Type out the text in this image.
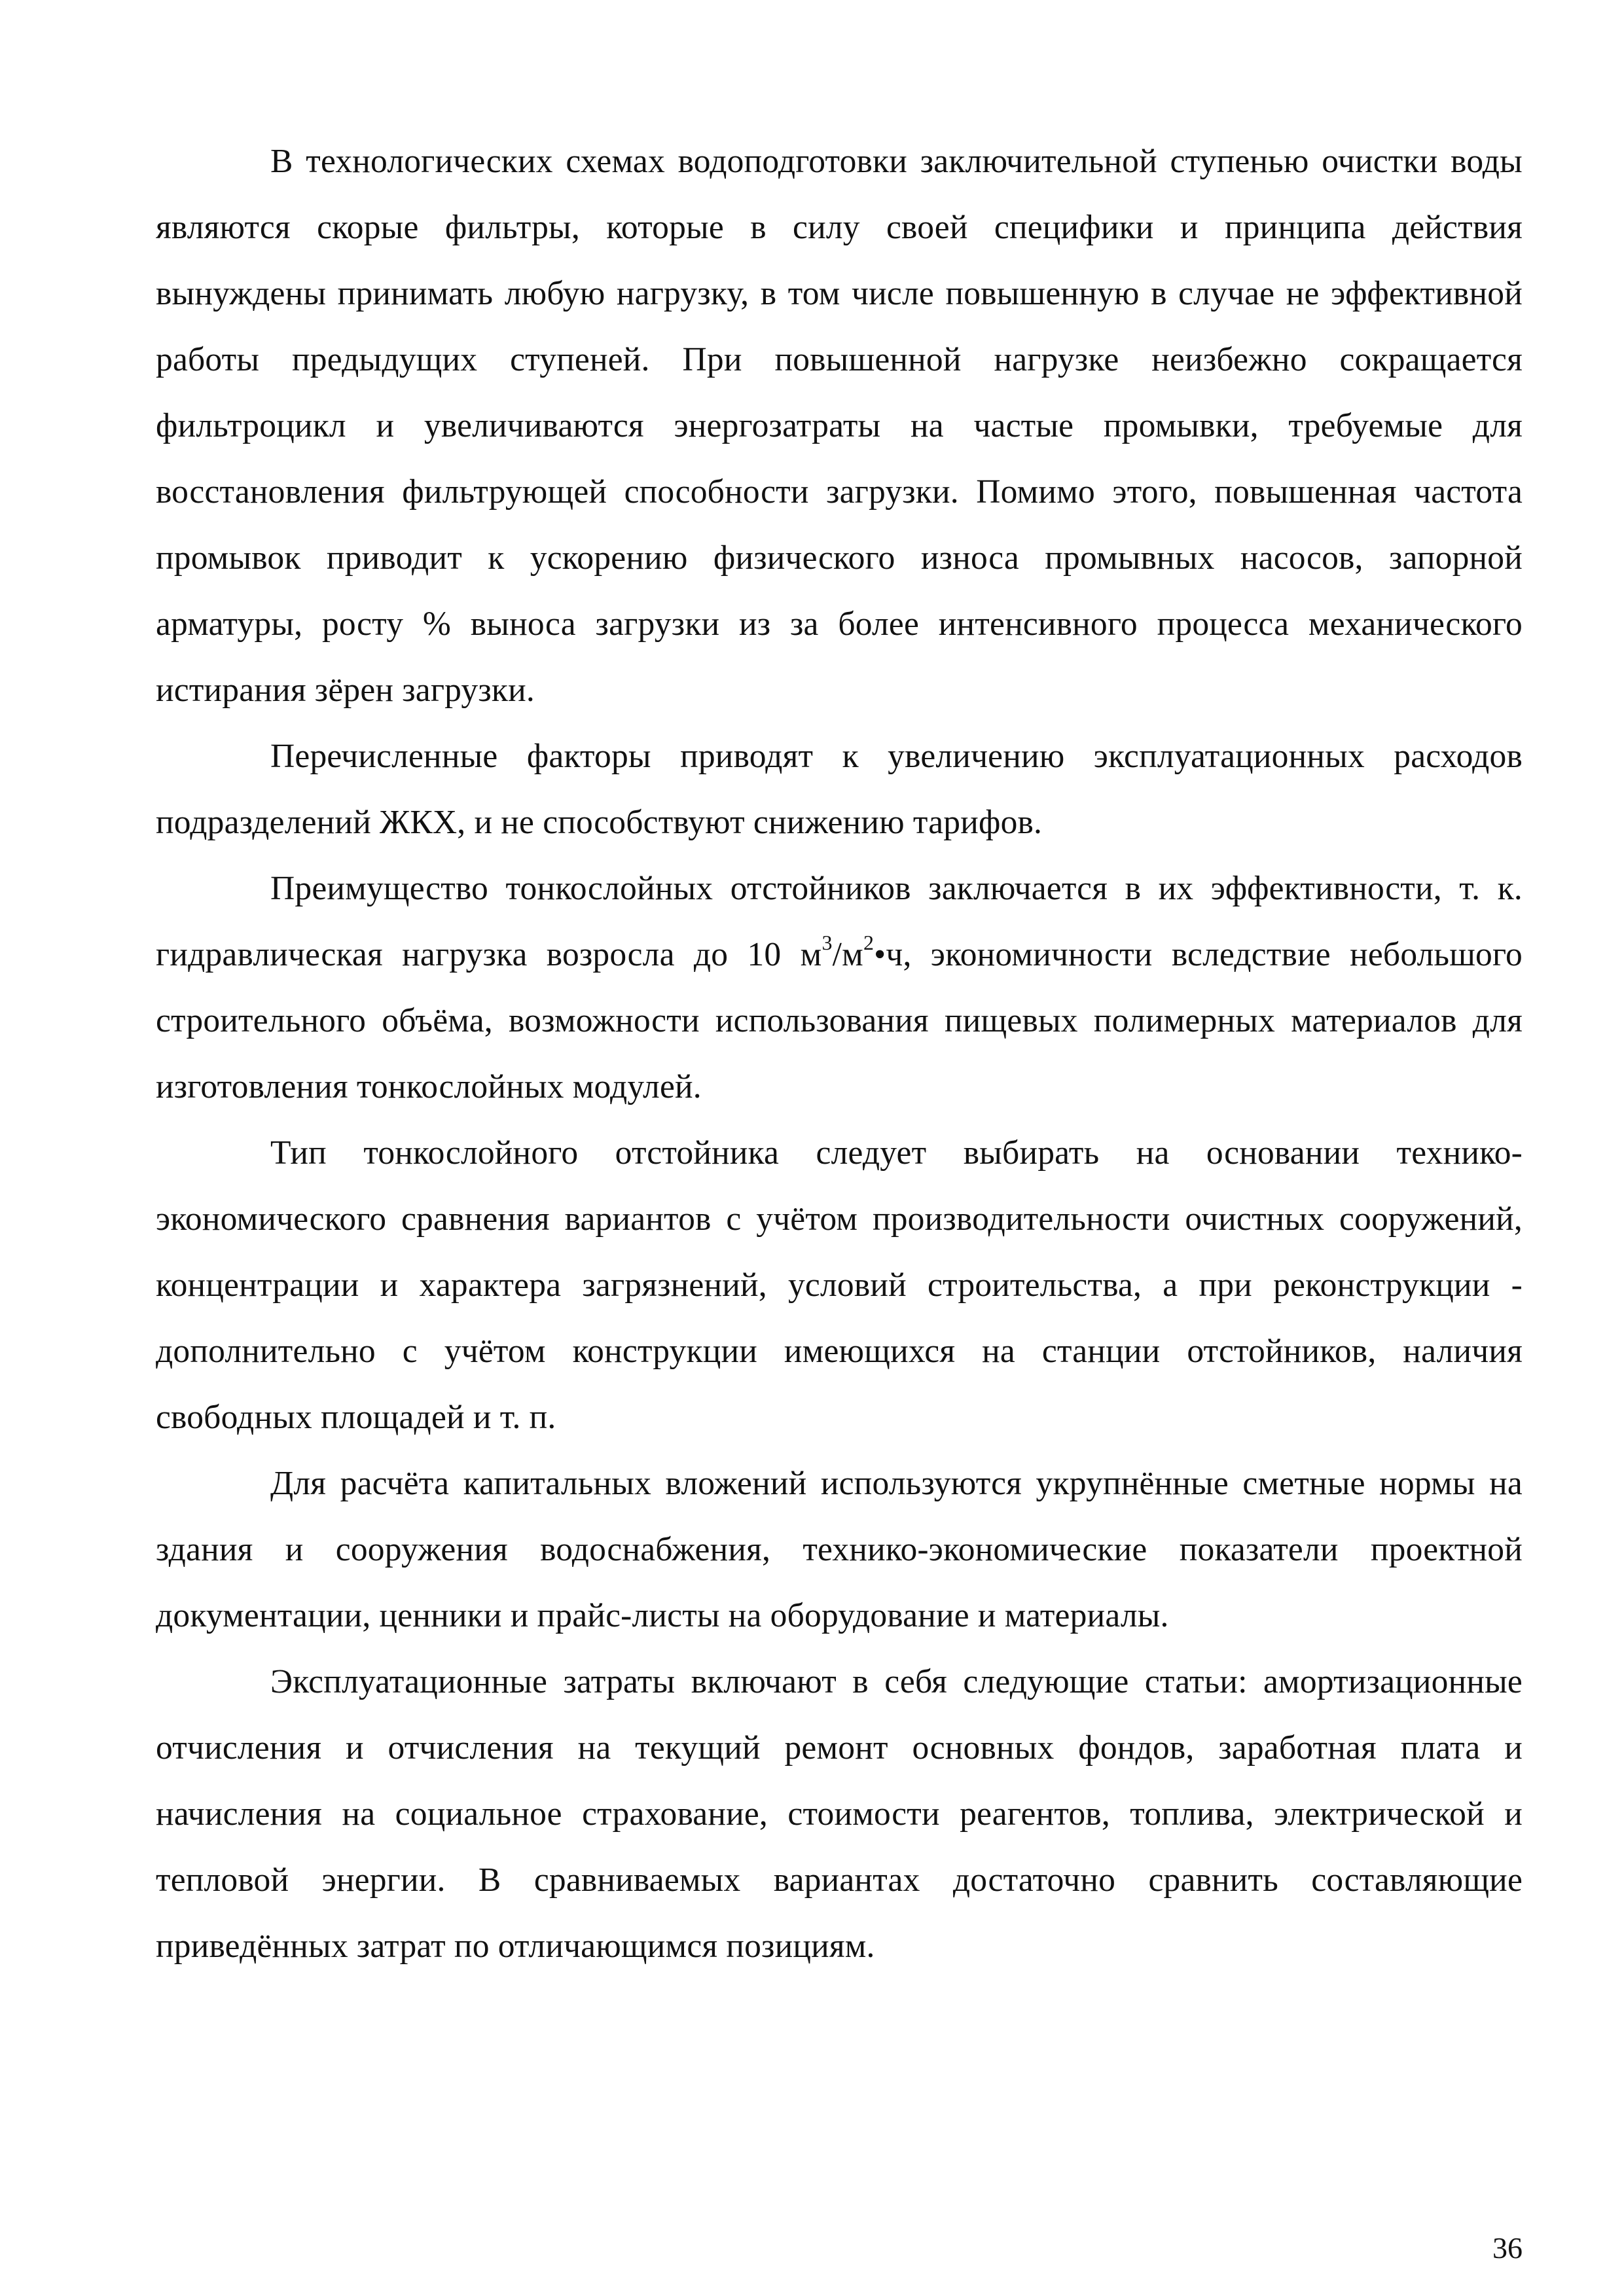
В технологических схемах водоподготовки заключительной ступенью очистки воды являются скорые фильтры, которые в силу своей специфики и принципа действия вынуждены принимать любую нагрузку, в том числе повышенную в случае не эффективной работы предыдущих ступеней. При повышенной нагрузке неизбежно сокращается фильтроцикл и увеличиваются энергозатраты на частые промывки, требуемые для восстановления фильтрующей способности загрузки. Помимо этого, повышенная частота промывок приводит к ускорению физического износа промывных насосов, запорной арматуры, росту % выноса загрузки из за более интенсивного процесса механического истирания зёрен загрузки.

Перечисленные факторы приводят к увеличению эксплуатационных расходов подразделений ЖКХ, и не способствуют снижению тарифов.

Преимущество тонкослойных отстойников заключается в их эффективности, т. к. гидравлическая нагрузка возросла до 10 $м^3/м^2•ч$, экономичности вследствие небольшого строительного объёма, возможности использования пищевых полимерных материалов для изготовления тонкослойных модулей.

Тип тонкослойного отстойника следует выбирать на основании технико-экономического сравнения вариантов с учётом производительности очистных сооружений, концентрации и характера загрязнений, условий строительства, а при реконструкции - дополнительно с учётом конструкции имеющихся на станции отстойников, наличия свободных площадей и т. п.

Для расчёта капитальных вложений используются укрупнённые сметные нормы на здания и сооружения водоснабжения, технико-экономические показатели проектной документации, ценники и прайс-листы на оборудование и материалы.

Эксплуатационные затраты включают в себя следующие статьи: амортизационные отчисления и отчисления на текущий ремонт основных фондов, заработная плата и начисления на социальное страхование, стоимости реагентов, топлива, электрической и тепловой энергии. В сравниваемых вариантах достаточно сравнить составляющие приведённых затрат по отличающимся позициям.

36
